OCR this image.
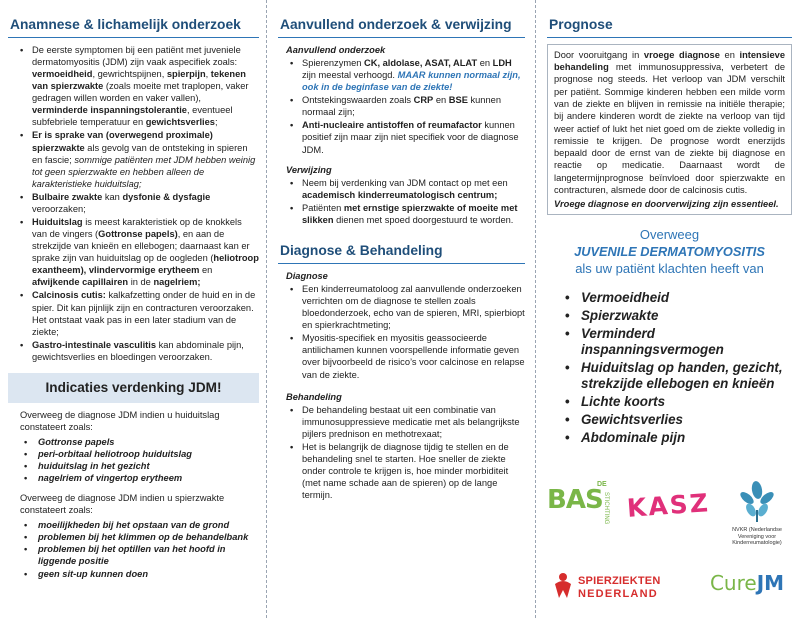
Anamnese & lichamelijk onderzoek
• De eerste symptomen bij een patiënt met juveniele dermatomyositis (JDM) zijn vaak aspecifiek zoals: vermoeidheid, gewrichtspijnen, spierpijn, tekenen van spierzwakte (zoals moeite met traplopen, vaker gedragen willen worden en vaker vallen), verminderde inspanningstolerantie, eventueel subfebriele temperatuur en gewichtsverlies;
• Er is sprake van (overwegend proximale) spierzwakte als gevolg van de ontsteking in spieren en fascie; sommige patiënten met JDM hebben weinig tot geen spierzwakte en hebben alleen de karakteristieke huiduitslag;
• Bulbaire zwakte kan dysfonie & dysfagie veroorzaken;
• Huiduitslag is meest karakteristiek op de knokkels van de vingers (Gottronse papels), en aan de strekzijde van knieën en ellebogen; daarnaast kan er sprake zijn van huiduitslag op de oogleden (heliotroop exantheem), vlindervormige erytheem en afwijkende capillairen in de nagelriem;
• Calcinosis cutis: kalkafzetting onder de huid en in de spier. Dit kan pijnlijk zijn en contracturen veroorzaken. Het ontstaat vaak pas in een later stadium van de ziekte;
• Gastro-intestinale vasculitis kan abdominale pijn, gewichtsverlies en bloedingen veroorzaken.
Indicaties verdenking JDM!
Overweeg de diagnose JDM indien u huiduitslag constateert zoals:
• Gottronse papels
• peri-orbitaal heliotroop huiduitslag
• huiduitslag in het gezicht
• nagelriem of vingertop erytheem
Overweeg de diagnose JDM indien u spierzwakte constateert zoals:
• moeilijkheden bij het opstaan van de grond
• problemen bij het klimmen op de behandelbank
• problemen bij het optillen van het hoofd in liggende positie
• geen sit-up kunnen doen
Aanvullend onderzoek & verwijzing
Aanvullend onderzoek
• Spierenzymen CK, aldolase, ASAT, ALAT en LDH zijn meestal verhoogd. MAAR kunnen normaal zijn, ook in de beginfase van de ziekte!
• Ontstekingswaarden zoals CRP en BSE kunnen normaal zijn;
• Anti-nucleaire antistoffen of reumafactor kunnen positief zijn maar zijn niet specifiek voor de diagnose JDM.
Verwijzing
• Neem bij verdenking van JDM contact op met een academisch kinderreumatologisch centrum;
• Patiënten met ernstige spierzwakte of moeite met slikken dienen met spoed doorgestuurd te worden.
Diagnose & Behandeling
Diagnose
• Een kinderreumatoloog zal aanvullende onderzoeken verrichten om de diagnose te stellen zoals bloedonderzoek, echo van de spieren, MRI, spierbiopt en spierkrachtmeting;
• Myositis-specifiek en myositis geassocieerde antilichamen kunnen voorspellende informatie geven over bijvoorbeeld de risico’s voor calcinose en relapse van de ziekte.
Behandeling
• De behandeling bestaat uit een combinatie van immunosuppressieve medicatie met als belangrijkste pijlers prednison en methotrexaat;
• Het is belangrijk de diagnose tijdig te stellen en de behandeling snel te starten. Hoe sneller de ziekte onder controle te krijgen is, hoe minder morbiditeit (met name schade aan de spieren) op de lange termijn.
Prognose
Door vooruitgang in vroege diagnose en intensieve behandeling met immunosuppressiva, verbetert de prognose nog steeds. Het verloop van JDM verschilt per patiënt. Sommige kinderen hebben een milde vorm van de ziekte en blijven in remissie na initiële therapie; bij andere kinderen wordt de ziekte na verloop van tijd weer actief of lukt het niet goed om de ziekte volledig in remissie te krijgen. De prognose wordt enerzijds bepaald door de ernst van de ziekte bij diagnose en reactie op medicatie. Daarnaast wordt de langetermijnprognose beïnvloed door spierzwakte en contracturen, alsmede door de calcinosis cutis.
Vroege diagnose en doorverwijzing zijn essentieel.
Overweeg
JUVENILE DERMATOMYOSITIS
als uw patiënt klachten heeft van
• Vermoeidheid
• Spierzwakte
• Verminderd inspanningsvermogen
• Huiduitslag op handen, gezicht, strekzijde ellebogen en knieën
• Lichte koorts
• Gewichtsverlies
• Abdominale pijn
BAS
DE
STICHTING KASZ
NVKR (Nederlandse
Vereniging voor
Kinderreumatologie)
SPIERZIEKTEN
NEDERLAND	CureJM
